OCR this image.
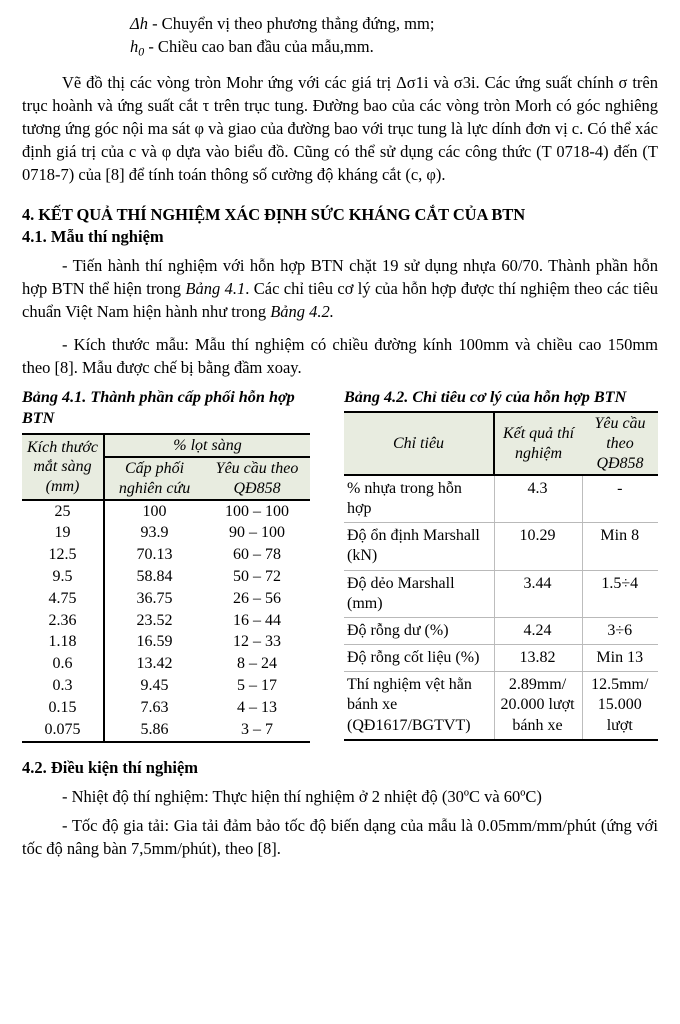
Δh - Chuyển vị theo phương thẳng đứng, mm;
$h_0$ - Chiều cao ban đầu của mẫu,mm.

Vẽ đồ thị các vòng tròn Mohr ứng với các giá trị Δσ1i và σ3i. Các ứng suất chính σ trên trục hoành và ứng suất cắt τ trên trục tung. Đường bao của các vòng tròn Morh có góc nghiêng tương ứng góc nội ma sát φ và giao của đường bao với trục tung là lực dính đơn vị c. Có thể xác định giá trị của c và φ dựa vào biểu đồ. Cũng có thể sử dụng các công thức (T 0718-4) đến (T 0718-7) của [8] để tính toán thông số cường độ kháng cắt (c, φ).

4. KẾT QUẢ THÍ NGHIỆM XÁC ĐỊNH SỨC KHÁNG CẮT CỦA BTN
4.1. Mẫu thí nghiệm

- Tiến hành thí nghiệm với hỗn hợp BTN chặt 19 sử dụng nhựa 60/70. Thành phần hỗn hợp BTN thể hiện trong Bảng 4.1. Các chỉ tiêu cơ lý của hỗn hợp được thí nghiệm theo các tiêu chuẩn Việt Nam hiện hành như trong Bảng 4.2.

- Kích thước mẫu: Mẫu thí nghiệm có chiều đường kính 100mm và chiều cao 150mm theo [8]. Mẫu được chế bị bằng đầm xoay.

Bảng 4.1. Thành phần cấp phối hỗn hợp BTN
Kích thước mắt sàng (mm)	% lọt sàng	
	Cấp phối nghiên cứu	Yêu cầu theo QĐ858
25	100	100 – 100
19	93.9	90 – 100
12.5	70.13	60 – 78
9.5	58.84	50 – 72
4.75	36.75	26 – 56
2.36	23.52	16 – 44
1.18	16.59	12 – 33
0.6	13.42	8 – 24
0.3	9.45	5 – 17
0.15	7.63	4 – 13
0.075	5.86	3 – 7
Bảng 4.2. Chỉ tiêu cơ lý của hỗn hợp BTN
Chỉ tiêu	Kết quả thí nghiệm	Yêu cầu theo QĐ858
% nhựa trong hỗn hợp	4.3	-
Độ ổn định Marshall (kN)	10.29	Min 8
Độ dẻo Marshall (mm)	3.44	1.5÷4
Độ rỗng dư (%)	4.24	3÷6
Độ rỗng cốt liệu (%)	13.82	Min 13
Thí nghiệm vệt hằn bánh xe (QĐ1617/BGTVT)	2.89mm/ 20.000 lượt bánh xe	12.5mm/ 15.000 lượt
4.2. Điều kiện thí nghiệm

- Nhiệt độ thí nghiệm: Thực hiện thí nghiệm ở 2 nhiệt độ (30ºC và 60ºC)

- Tốc độ gia tải: Gia tải đảm bảo tốc độ biến dạng của mẫu là 0.05mm/mm/phút (ứng với tốc độ nâng bàn 7,5mm/phút), theo [8].
